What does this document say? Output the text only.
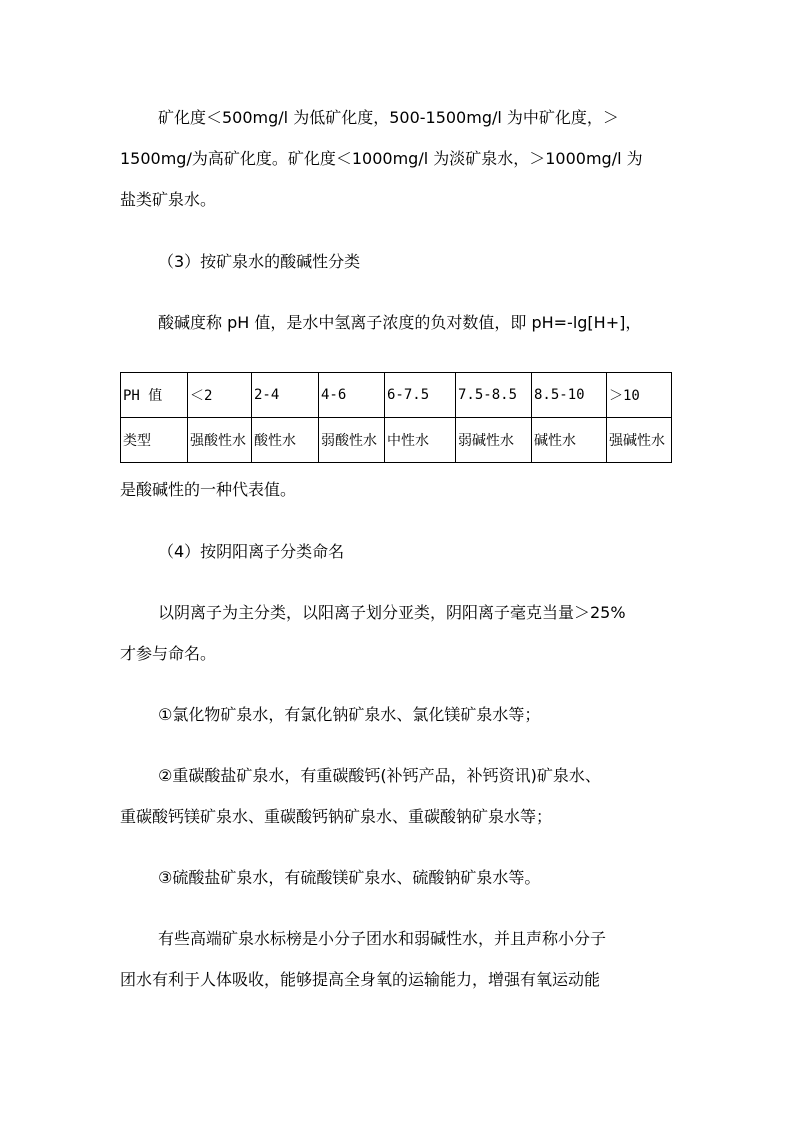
矿化度＜500mg/l 为低矿化度，500-1500mg/l 为中矿化度，＞
1500mg/为高矿化度。矿化度＜1000mg/l 为淡矿泉水，＞1000mg/l 为
盐类矿泉水。
（3）按矿泉水的酸碱性分类
酸碱度称 pH 值，是水中氢离子浓度的负对数值，即 pH=-lg[H+]，
PH 值	＜2	2-4	4-6	6-7.5	7.5-8.5	8.5-10	＞10
类型	强酸性水	酸性水	弱酸性水	中性水	弱碱性水	碱性水	强碱性水
是酸碱性的一种代表值。
（4）按阴阳离子分类命名
以阴离子为主分类，以阳离子划分亚类，阴阳离子毫克当量＞25%
才参与命名。
①氯化物矿泉水，有氯化钠矿泉水、氯化镁矿泉水等；
②重碳酸盐矿泉水，有重碳酸钙(补钙产品，补钙资讯)矿泉水、
重碳酸钙镁矿泉水、重碳酸钙钠矿泉水、重碳酸钠矿泉水等；
③硫酸盐矿泉水，有硫酸镁矿泉水、硫酸钠矿泉水等。
有些高端矿泉水标榜是小分子团水和弱碱性水，并且声称小分子
团水有利于人体吸收，能够提高全身氧的运输能力，增强有氧运动能
